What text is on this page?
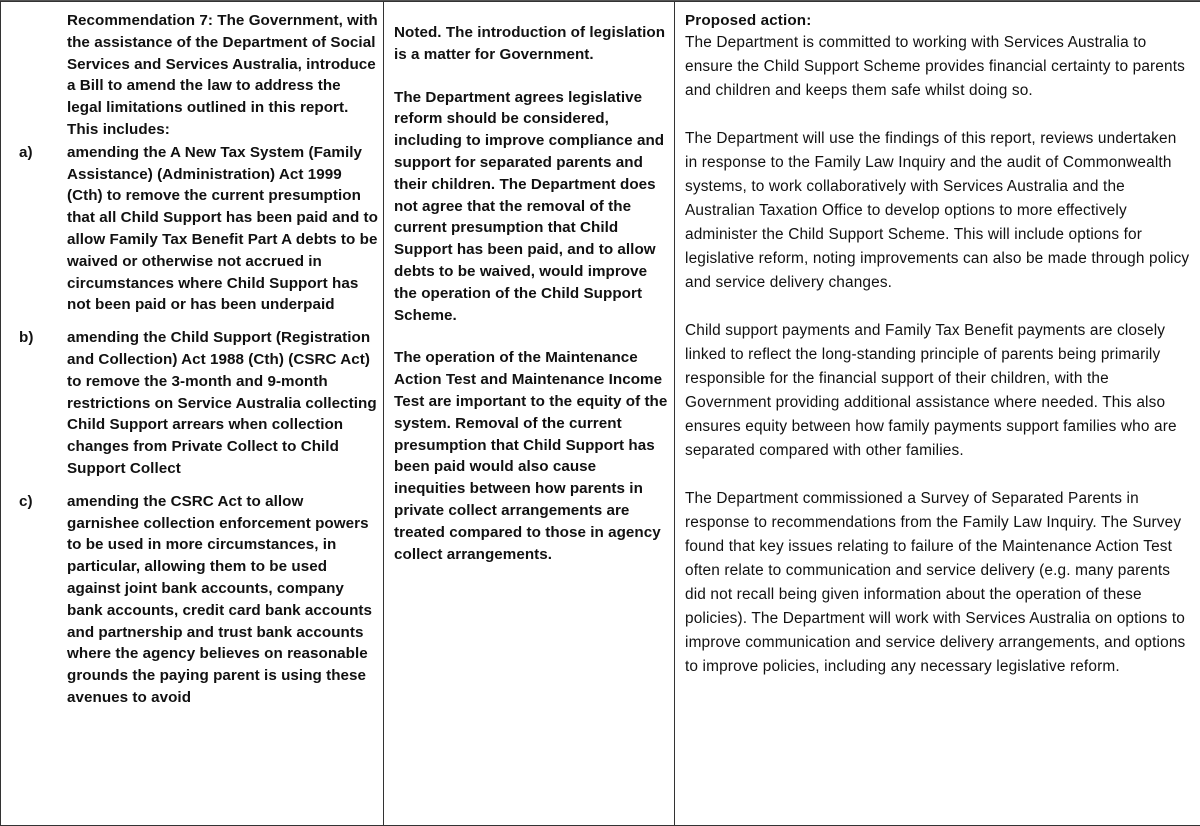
Recommendation 7: The Government, with the assistance of the Department of Social Services and Services Australia, introduce a Bill to amend the law to address the legal limitations outlined in this report. This includes:
a)	amending the A New Tax System (Family Assistance) (Administration) Act 1999 (Cth) to remove the current presumption that all Child Support has been paid and to allow Family Tax Benefit Part A debts to be waived or otherwise not accrued in circumstances where Child Support has not been paid or has been underpaid
b)	amending the Child Support (Registration and Collection) Act 1988 (Cth) (CSRC Act) to remove the 3-month and 9-month restrictions on Service Australia collecting Child Support arrears when collection changes from Private Collect to Child Support Collect
c)	amending the CSRC Act to allow garnishee collection enforcement powers to be used in more circumstances, in particular, allowing them to be used against joint bank accounts, company bank accounts, credit card bank accounts and partnership and trust bank accounts where the agency believes on reasonable grounds the paying parent is using these avenues to avoid

Noted. The introduction of legislation is a matter for Government.
The Department agrees legislative reform should be considered, including to improve compliance and support for separated parents and their children. The Department does not agree that the removal of the current presumption that Child Support has been paid, and to allow debts to be waived, would improve the operation of the Child Support Scheme.
The operation of the Maintenance Action Test and Maintenance Income Test are important to the equity of the system. Removal of the current presumption that Child Support has been paid would also cause inequities between how parents in private collect arrangements are treated compared to those in agency collect arrangements.

Proposed action:
The Department is committed to working with Services Australia to ensure the Child Support Scheme provides financial certainty to parents and children and keeps them safe whilst doing so.
The Department will use the findings of this report, reviews undertaken in response to the Family Law Inquiry and the audit of Commonwealth systems, to work collaboratively with Services Australia and the Australian Taxation Office to develop options to more effectively administer the Child Support Scheme. This will include options for legislative reform, noting improvements can also be made through policy and service delivery changes.
Child support payments and Family Tax Benefit payments are closely linked to reflect the long-standing principle of parents being primarily responsible for the financial support of their children, with the Government providing additional assistance where needed. This also ensures equity between how family payments support families who are separated compared with other families.
The Department commissioned a Survey of Separated Parents in response to recommendations from the Family Law Inquiry. The Survey found that key issues relating to failure of the Maintenance Action Test often relate to communication and service delivery (e.g. many parents did not recall being given information about the operation of these policies). The Department will work with Services Australia on options to improve communication and service delivery arrangements, and options to improve policies, including any necessary legislative reform.
